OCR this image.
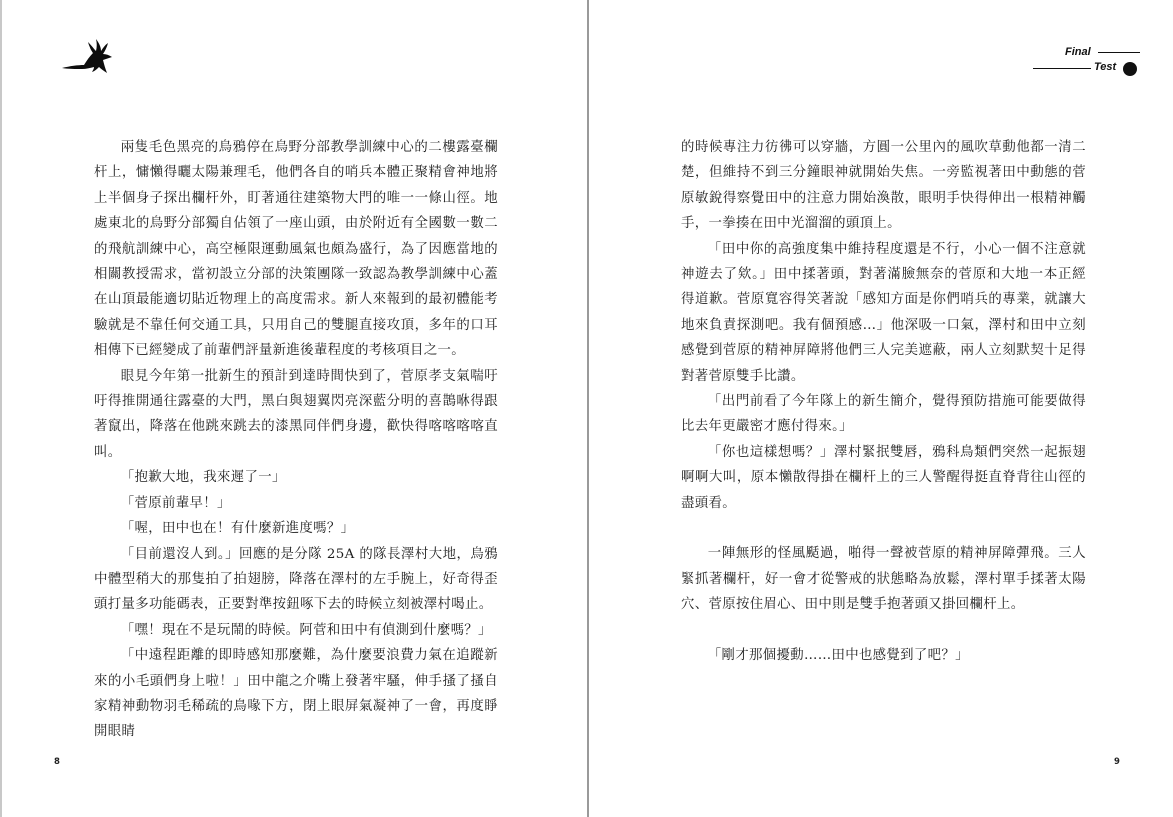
8

兩隻毛色黑亮的烏鴉停在烏野分部教學訓練中心的二樓露臺欄杆上，慵懶得曬太陽兼理毛，他們各自的哨兵本體正聚精會神地將上半個身子探出欄杆外，盯著通往建築物大門的唯一一條山徑。地處東北的烏野分部獨自佔領了一座山頭，由於附近有全國數一數二的飛航訓練中心，高空極限運動風氣也頗為盛行，為了因應當地的相關教授需求，當初設立分部的決策團隊一致認為教學訓練中心蓋在山頂最能適切貼近物理上的高度需求。新人來報到的最初體能考驗就是不靠任何交通工具，只用自己的雙腿直接攻頂，多年的口耳相傳下已經變成了前輩們評量新進後輩程度的考核項目之一。

眼見今年第一批新生的預計到達時間快到了，菅原孝支氣喘吁吁得推開通往露臺的大門，黑白與翅翼閃亮深藍分明的喜鵲咻得跟著竄出，降落在他跳來跳去的漆黑同伴們身邊，歡快得喀喀喀喀直叫。

「抱歉大地，我來遲了一」

「菅原前輩早！」

「喔，田中也在！有什麼新進度嗎？」

「目前還沒人到。」回應的是分隊 25A 的隊長澤村大地，烏鴉中體型稍大的那隻拍了拍翅膀，降落在澤村的左手腕上，好奇得歪頭打量多功能碼表，正要對準按鈕啄下去的時候立刻被澤村喝止。

「嘿！現在不是玩鬧的時候。阿菅和田中有偵測到什麼嗎？」

「中遠程距離的即時感知那麼難，為什麼要浪費力氣在追蹤新來的小毛頭們身上啦！」田中龍之介嘴上發著牢騷，伸手搔了搔自家精神動物羽毛稀疏的鳥喙下方，閉上眼屏氣凝神了一會，再度睜開眼睛

Final
Test

的時候專注力彷彿可以穿牆，方圓一公里內的風吹草動他都一清二楚，但維持不到三分鐘眼神就開始失焦。一旁監視著田中動態的菅原敏銳得察覺田中的注意力開始渙散，眼明手快得伸出一根精神觸手，一拳揍在田中光溜溜的頭頂上。

「田中你的高強度集中維持程度還是不行，小心一個不注意就神遊去了欸。」田中揉著頭，對著滿臉無奈的菅原和大地一本正經得道歉。菅原寬容得笑著說「感知方面是你們哨兵的專業，就讓大地來負責探測吧。我有個預感…」他深吸一口氣，澤村和田中立刻感覺到菅原的精神屏障將他們三人完美遮蔽，兩人立刻默契十足得對著菅原雙手比讚。

「出門前看了今年隊上的新生簡介，覺得預防措施可能要做得比去年更嚴密才應付得來。」

「你也這樣想嗎？」澤村緊抿雙唇，鴉科鳥類們突然一起振翅啊啊大叫，原本懶散得掛在欄杆上的三人警醒得挺直脊背往山徑的盡頭看。

一陣無形的怪風颳過，啪得一聲被菅原的精神屏障彈飛。三人緊抓著欄杆，好一會才從警戒的狀態略為放鬆，澤村單手揉著太陽穴、菅原按住眉心、田中則是雙手抱著頭又掛回欄杆上。

「剛才那個擾動……田中也感覺到了吧？」

9
